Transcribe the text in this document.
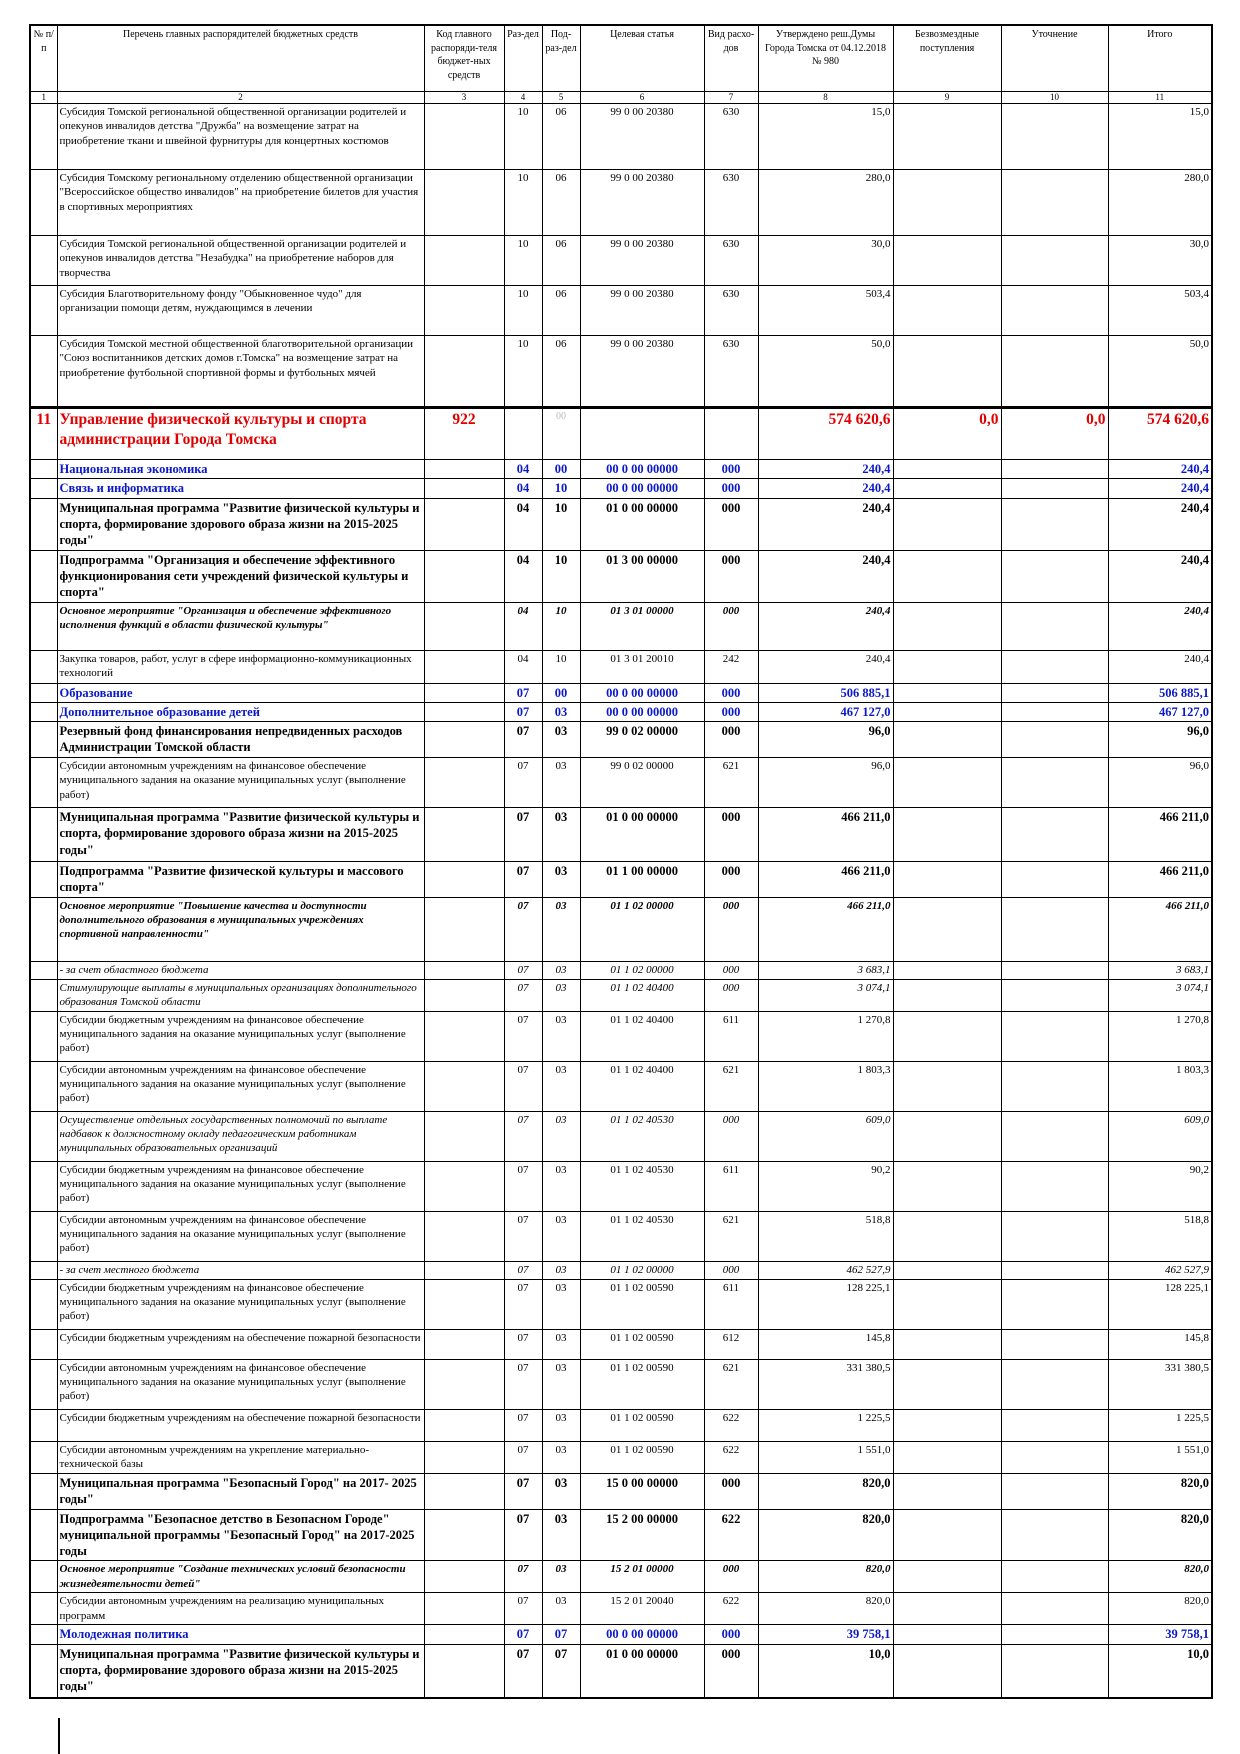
№ п/п	Перечень главных распорядителей бюджетных средств	Код главного распоряди-теля бюджет-ных средств	Раз-дел	Под-раз-дел	Целевая статья	Вид расхо-дов	Утверждено реш.Думы Города Томска от 04.12.2018 № 980	Безвозмездные поступления	Уточнение	Итого
1	2	3	4	5	6	7	8	9	10	11
	Субсидия Томской региональной общественной организации родителей и опекунов инвалидов детства "Дружба" на возмещение затрат на приобретение ткани и швейной фурнитуры для концертных костюмов		10	06	99 0 00 20380	630	15,0			15,0
	Субсидия Томскому региональному отделению общественной организации "Всероссийское общество инвалидов" на приобретение билетов для участия в спортивных мероприятиях		10	06	99 0 00 20380	630	280,0			280,0
	Субсидия Томской региональной общественной организации родителей и опекунов инвалидов детства "Незабудка" на приобретение наборов для творчества		10	06	99 0 00 20380	630	30,0			30,0
	Субсидия Благотворительному фонду "Обыкновенное чудо" для организации помощи детям, нуждающимся в лечении		10	06	99 0 00 20380	630	503,4			503,4
	Субсидия Томской местной общественной благотворительной организации "Союз воспитанников детских домов г.Томска" на возмещение затрат на приобретение футбольной спортивной формы и футбольных мячей		10	06	99 0 00 20380	630	50,0			50,0
11	Управление физической культуры и спорта администрации Города Томска	922		00			574 620,6	0,0	0,0	574 620,6
	Национальная экономика		04	00	00 0 00 00000	000	240,4			240,4
	Связь и информатика		04	10	00 0 00 00000	000	240,4			240,4
	Муниципальная программа "Развитие физической культуры и спорта, формирование здорового образа жизни на 2015-2025 годы"		04	10	01 0 00 00000	000	240,4			240,4
	Подпрограмма "Организация и обеспечение эффективного функционирования сети учреждений физической культуры и спорта"		04	10	01 3 00 00000	000	240,4			240,4
	Основное мероприятие "Организация и обеспечение эффективного исполнения функций в области физической культуры"		04	10	01 3 01 00000	000	240,4			240,4
	Закупка товаров, работ, услуг в сфере информационно-коммуникационных технологий		04	10	01 3 01 20010	242	240,4			240,4
	Образование		07	00	00 0 00 00000	000	506 885,1			506 885,1
	Дополнительное образование детей		07	03	00 0 00 00000	000	467 127,0			467 127,0
	Резервный фонд финансирования непредвиденных расходов Администрации Томской области		07	03	99 0 02 00000	000	96,0			96,0
	Субсидии автономным учреждениям на финансовое обеспечение муниципального задания на оказание муниципальных услуг (выполнение работ)		07	03	99 0 02 00000	621	96,0			96,0
	Муниципальная программа "Развитие физической культуры и спорта, формирование здорового образа жизни на 2015-2025 годы"		07	03	01 0 00 00000	000	466 211,0			466 211,0
	Подпрограмма "Развитие физической культуры и массового спорта"		07	03	01 1 00 00000	000	466 211,0			466 211,0
	Основное мероприятие "Повышение качества и доступности дополнительного образования в муниципальных учреждениях спортивной направленности"		07	03	01 1 02 00000	000	466 211,0			466 211,0
	- за счет областного бюджета		07	03	01 1 02 00000	000	3 683,1			3 683,1
	Стимулирующие выплаты в муниципальных организациях дополнительного образования Томской области		07	03	01 1 02 40400	000	3 074,1			3 074,1
	Субсидии бюджетным учреждениям на финансовое обеспечение муниципального задания на оказание муниципальных услуг (выполнение работ)		07	03	01 1 02 40400	611	1 270,8			1 270,8
	Субсидии автономным учреждениям на финансовое обеспечение муниципального задания на оказание муниципальных услуг (выполнение работ)		07	03	01 1 02 40400	621	1 803,3			1 803,3
	Осуществление отдельных государственных полномочий по выплате надбавок к должностному окладу педагогическим работникам муниципальных образовательных организаций		07	03	01 1 02 40530	000	609,0			609,0
	Субсидии бюджетным учреждениям на финансовое обеспечение муниципального задания на оказание муниципальных услуг (выполнение работ)		07	03	01 1 02 40530	611	90,2			90,2
	Субсидии автономным учреждениям на финансовое обеспечение муниципального задания на оказание муниципальных услуг (выполнение работ)		07	03	01 1 02 40530	621	518,8			518,8
	- за счет местного бюджета		07	03	01 1 02 00000	000	462 527,9			462 527,9
	Субсидии бюджетным учреждениям на финансовое обеспечение муниципального задания на оказание муниципальных услуг (выполнение работ)		07	03	01 1 02 00590	611	128 225,1			128 225,1
	Субсидии бюджетным учреждениям на обеспечение пожарной безопасности		07	03	01 1 02 00590	612	145,8			145,8
	Субсидии автономным учреждениям на финансовое обеспечение муниципального задания на оказание муниципальных услуг (выполнение работ)		07	03	01 1 02 00590	621	331 380,5			331 380,5
	Субсидии бюджетным учреждениям на обеспечение пожарной безопасности		07	03	01 1 02 00590	622	1 225,5			1 225,5
	Субсидии автономным учреждениям на укрепление материально-технической базы		07	03	01 1 02 00590	622	1 551,0			1 551,0
	Муниципальная программа "Безопасный Город" на 2017- 2025 годы"		07	03	15 0 00 00000	000	820,0			820,0
	Подпрограмма "Безопасное детство в Безопасном Городе" муниципальной программы "Безопасный Город" на 2017-2025 годы		07	03	15 2 00 00000	622	820,0			820,0
	Основное мероприятие "Создание технических условий безопасности жизнедеятельности детей"		07	03	15 2 01 00000	000	820,0			820,0
	Субсидии автономным учреждениям на реализацию муниципальных программ		07	03	15 2 01 20040	622	820,0			820,0
	Молодежная политика		07	07	00 0 00 00000	000	39 758,1			39 758,1
	Муниципальная программа "Развитие физической культуры и спорта, формирование здорового образа жизни на 2015-2025 годы"		07	07	01 0 00 00000	000	10,0			10,0
